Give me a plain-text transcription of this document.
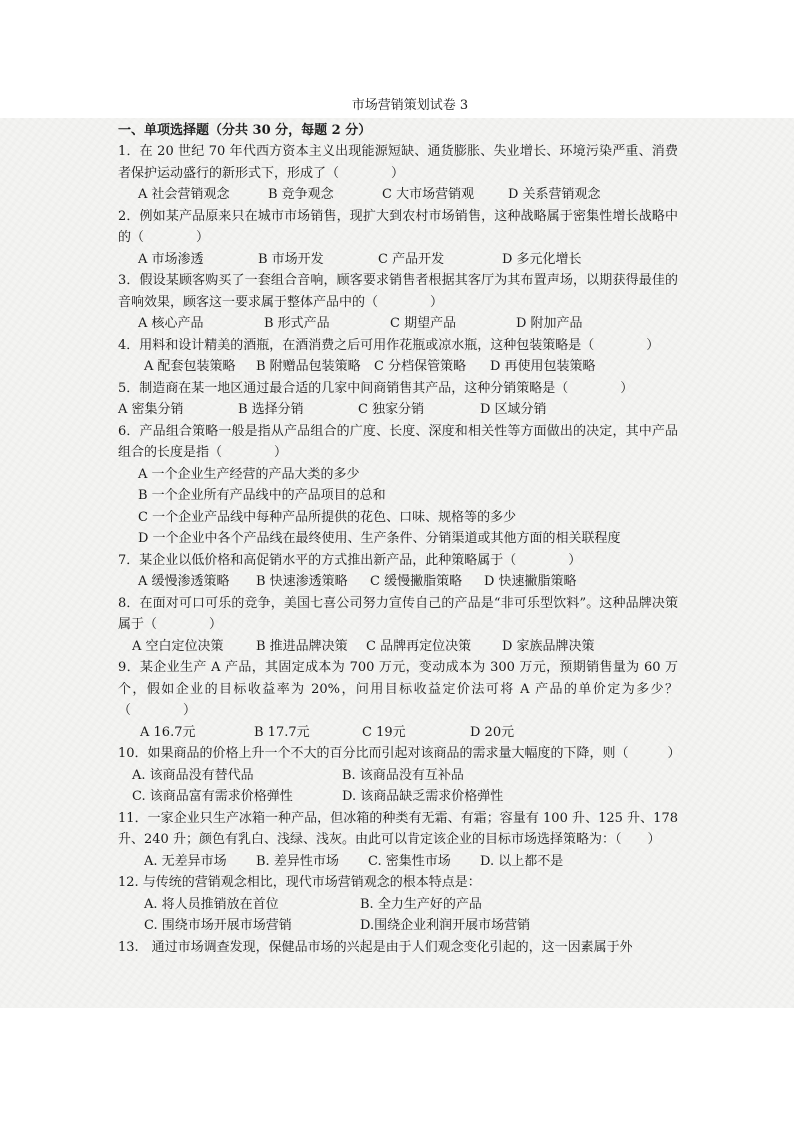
市场营销策划试卷 3
一、单项选择题（分共 30 分，每题 2 分）
1．在 20 世纪 70 年代西方资本主义出现能源短缺、通货膨胀、失业增长、环境污染严重、消费者保护运动盛行的新形式下，形成了（　　　　）
A 社会营销观念	B 竞争观念	C 大市场营销观	D 关系营销观念
2．例如某产品原来只在城市市场销售，现扩大到农村市场销售，这种战略属于密集性增长战略中的（　　　　）
A 市场渗透	B 市场开发	C 产品开发	D 多元化增长
3．假设某顾客购买了一套组合音响，顾客要求销售者根据其客厅为其布置声场，以期获得最佳的音响效果，顾客这一要求属于整体产品中的（　　　　）
A 核心产品	B 形式产品	C 期望产品	D 附加产品
4．用料和设计精美的酒瓶，在酒消费之后可用作花瓶或凉水瓶，这种包装策略是（　　　　）
A 配套包装策略 B 附赠品包装策略 C 分档保管策略 D 再使用包装策略
5．制造商在某一地区通过最合适的几家中间商销售其产品，这种分销策略是（　　　　）
A 密集分销	B 选择分销	C 独家分销	D 区域分销
6．产品组合策略一般是指从产品组合的广度、长度、深度和相关性等方面做出的决定，其中产品组合的长度是指（　　　　）
A 一个企业生产经营的产品大类的多少
B 一个企业所有产品线中的产品项目的总和
C 一个企业产品线中每种产品所提供的花色、口味、规格等的多少
D 一个企业中各个产品线在最终使用、生产条件、分销渠道或其他方面的相关联程度
7．某企业以低价格和高促销水平的方式推出新产品，此种策略属于（　　　　）
A 缓慢渗透策略 B 快速渗透策略 C 缓慢撇脂策略 D 快速撇脂策略
8．在面对可口可乐的竞争，美国七喜公司努力宣传自己的产品是“非可乐型饮料”。这种品牌决策属于（　　　　）
A 空白定位决策 B 推进品牌决策 C 品牌再定位决策 D 家族品牌决策
9．某企业生产 A 产品，其固定成本为 700 万元，变动成本为 300 万元，预期销售量为 60 万个，假如企业的目标收益率为 20%，问用目标收益定价法可将 A 产品的单价定为多少？（　　　　）
A 16.7元	B 17.7元	C 19元	D 20元
10．如果商品的价格上升一个不大的百分比而引起对该商品的需求量大幅度的下降，则（　　　）
A. 该商品没有替代品	B. 该商品没有互补品
C. 该商品富有需求价格弹性	D. 该商品缺乏需求价格弹性
11．一家企业只生产冰箱一种产品，但冰箱的种类有无霜、有霜；容量有 100 升、125 升、178 升、240 升；颜色有乳白、浅绿、浅灰。由此可以肯定该企业的目标市场选择策略为：（　　）
A. 无差异市场 B. 差异性市场 C. 密集性市场 D. 以上都不是
12. 与传统的营销观念相比，现代市场营销观念的根本特点是：
A. 将人员推销放在首位	B. 全力生产好的产品
C. 围绕市场开展市场营销	D.围绕企业利润开展市场营销
13.　通过市场调查发现，保健品市场的兴起是由于人们观念变化引起的，这一因素属于外
